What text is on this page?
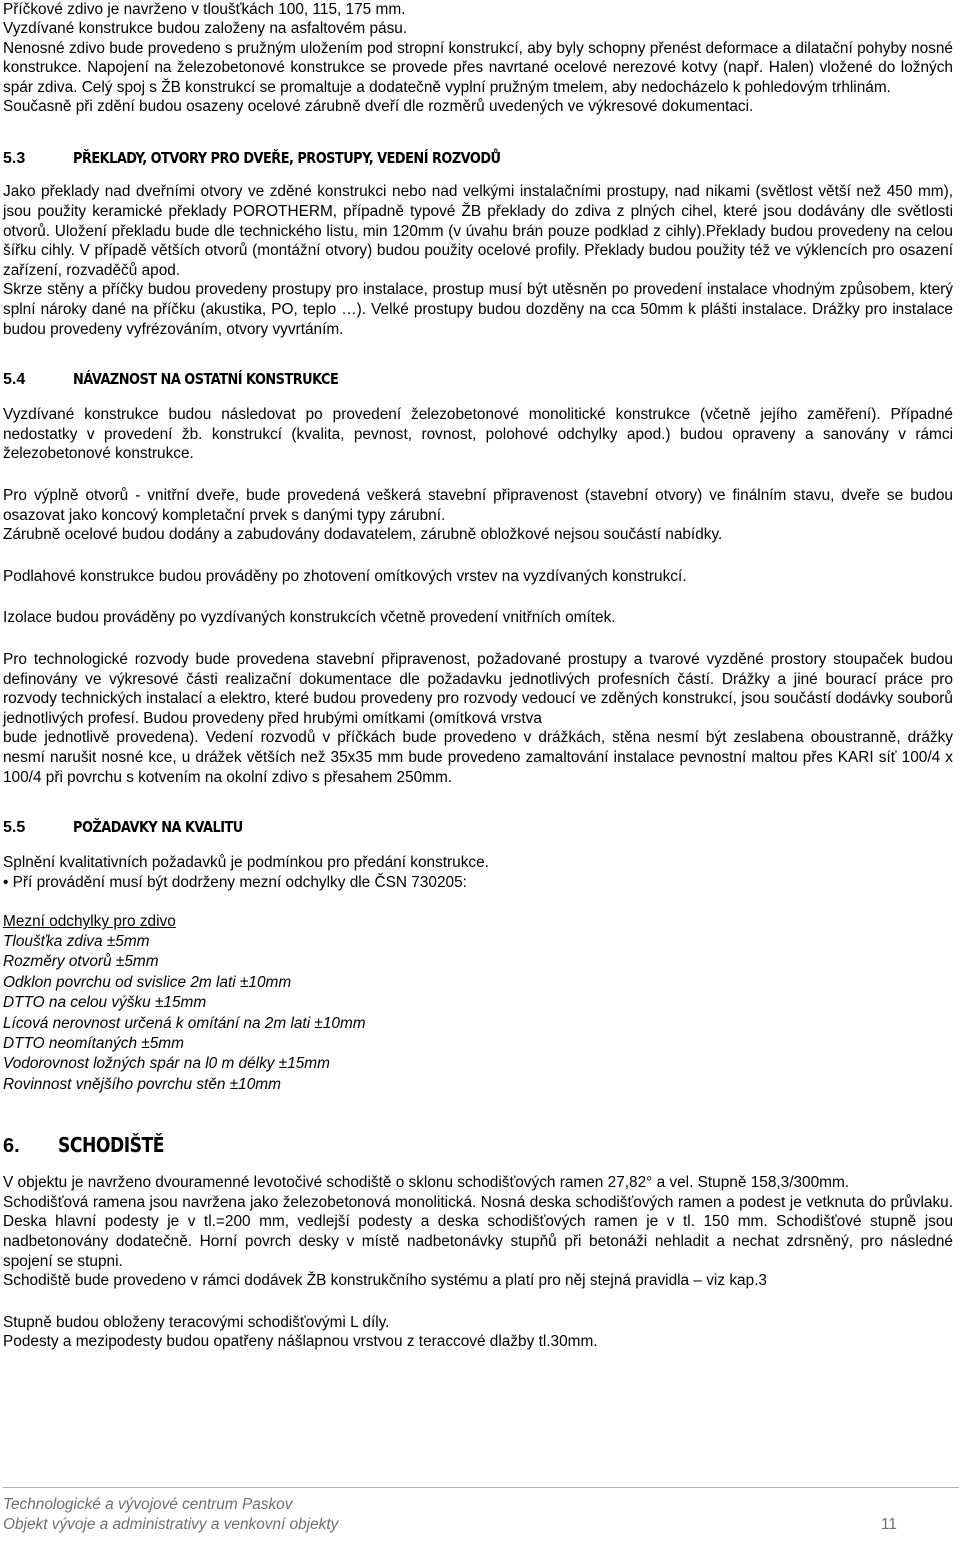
Příčkové zdivo je navrženo v tloušťkách 100, 115, 175 mm.

Vyzdívané konstrukce budou založeny na asfaltovém pásu.

Nenosné zdivo bude provedeno s pružným uložením pod stropní konstrukcí, aby byly schopny přenést deformace a dilatační pohyby nosné konstrukce. Napojení na železobetonové konstrukce se provede přes navrtané ocelové nerezové kotvy (např. Halen) vložené do ložných spár zdiva. Celý spoj s ŽB konstrukcí se promaltuje a dodatečně vyplní pružným tmelem, aby nedocházelo k pohledovým trhlinám.

Současně při zdění budou osazeny ocelové zárubně dveří dle rozměrů uvedených ve výkresové dokumentaci.

5.3	PŘEKLADY, OTVORY PRO DVEŘE, PROSTUPY, VEDENÍ ROZVODŮ

Jako překlady nad dveřními otvory ve zděné konstrukci nebo nad velkými instalačními prostupy, nad nikami (světlost větší než 450 mm), jsou použity keramické překlady POROTHERM, případně typové ŽB překlady do zdiva z plných cihel, které jsou dodávány dle světlosti otvorů. Uložení překladu bude dle technického listu, min 120mm (v úvahu brán pouze podklad z cihly).Překlady budou provedeny na celou šířku cihly. V případě větších otvorů (montážní otvory) budou použity ocelové profily. Překlady budou použity též ve výklencích pro osazení zařízení, rozvaděčů apod.

Skrze stěny a příčky budou provedeny prostupy pro instalace, prostup musí být utěsněn po provedení instalace vhodným způsobem, který splní nároky dané na příčku (akustika, PO, teplo …). Velké prostupy budou dozděny na cca 50mm k plášti instalace. Drážky pro instalace budou provedeny vyfrézováním, otvory vyvrtáním.

5.4	NÁVAZNOST NA OSTATNÍ KONSTRUKCE

Vyzdívané konstrukce budou následovat po provedení železobetonové monolitické konstrukce (včetně jejího zaměření). Případné nedostatky v provedení žb. konstrukcí (kvalita, pevnost, rovnost, polohové odchylky apod.) budou opraveny a sanovány v rámci železobetonové konstrukce.

Pro výplně otvorů - vnitřní dveře, bude provedená veškerá stavební připravenost (stavební otvory) ve finálním stavu, dveře se budou osazovat jako koncový kompletační prvek s danými typy zárubní.

Zárubně ocelové budou dodány a zabudovány dodavatelem, zárubně obložkové nejsou součástí nabídky.

Podlahové konstrukce budou prováděny po zhotovení omítkových vrstev na vyzdívaných konstrukcí.

Izolace budou prováděny po vyzdívaných konstrukcích včetně provedení vnitřních omítek.

Pro technologické rozvody bude provedena stavební připravenost, požadované prostupy a tvarové vyzděné prostory stoupaček budou definovány ve výkresové části realizační dokumentace dle požadavku jednotlivých profesních částí. Drážky a jiné bourací práce pro rozvody technických instalací a elektro, které budou provedeny pro rozvody vedoucí ve zděných konstrukcí, jsou součástí dodávky souborů jednotlivých profesí. Budou provedeny před hrubými omítkami (omítková vrstva

bude jednotlivě provedena). Vedení rozvodů v příčkách bude provedeno v drážkách, stěna nesmí být zeslabena oboustranně, drážky nesmí narušit nosné kce, u drážek větších než 35x35 mm bude provedeno zamaltování instalace pevnostní maltou přes KARI síť 100/4 x 100/4 při povrchu s kotvením na okolní zdivo s přesahem 250mm.

5.5	POŽADAVKY NA KVALITU

Splnění kvalitativních požadavků je podmínkou pro předání konstrukce.

• Pří provádění musí být dodrženy mezní odchylky dle ČSN 730205:

Mezní odchylky pro zdivo

Tloušťka zdiva ±5mm
Rozměry otvorů ±5mm
Odklon povrchu od svislice 2m lati ±10mm
DTTO na celou výšku ±15mm
Lícová nerovnost určená k omítání na 2m lati ±10mm
DTTO neomítaných ±5mm
Vodorovnost ložných spár na l0 m délky ±15mm
Rovinnost vnějšího povrchu stěn ±10mm
6.	SCHODIŠTĚ

V objektu je navrženo dvouramenné levotočivé schodiště o sklonu schodišťových ramen 27,82° a vel. Stupně 158,3/300mm.

Schodišťová ramena jsou navržena jako železobetonová monolitická. Nosná deska schodišťových ramen a podest je vetknuta do průvlaku. Deska hlavní podesty je v tl.=200 mm, vedlejší podesty a deska schodišťových ramen je v tl. 150 mm. Schodišťové stupně jsou nadbetonovány dodatečně. Horní povrch desky v místě nadbetonávky stupňů při betonáži nehladit a nechat zdrsněný, pro následné spojení se stupni.

Schodiště bude provedeno v rámci dodávek ŽB konstrukčního systému a platí pro něj stejná pravidla – viz kap.3

Stupně budou obloženy teracovými schodišťovými L díly.

Podesty a mezipodesty budou opatřeny nášlapnou vrstvou z teraccové dlažby tl.30mm.

Technologické a vývojové centrum Paskov
Objekt vývoje a administrativy a venkovní objekty	11
